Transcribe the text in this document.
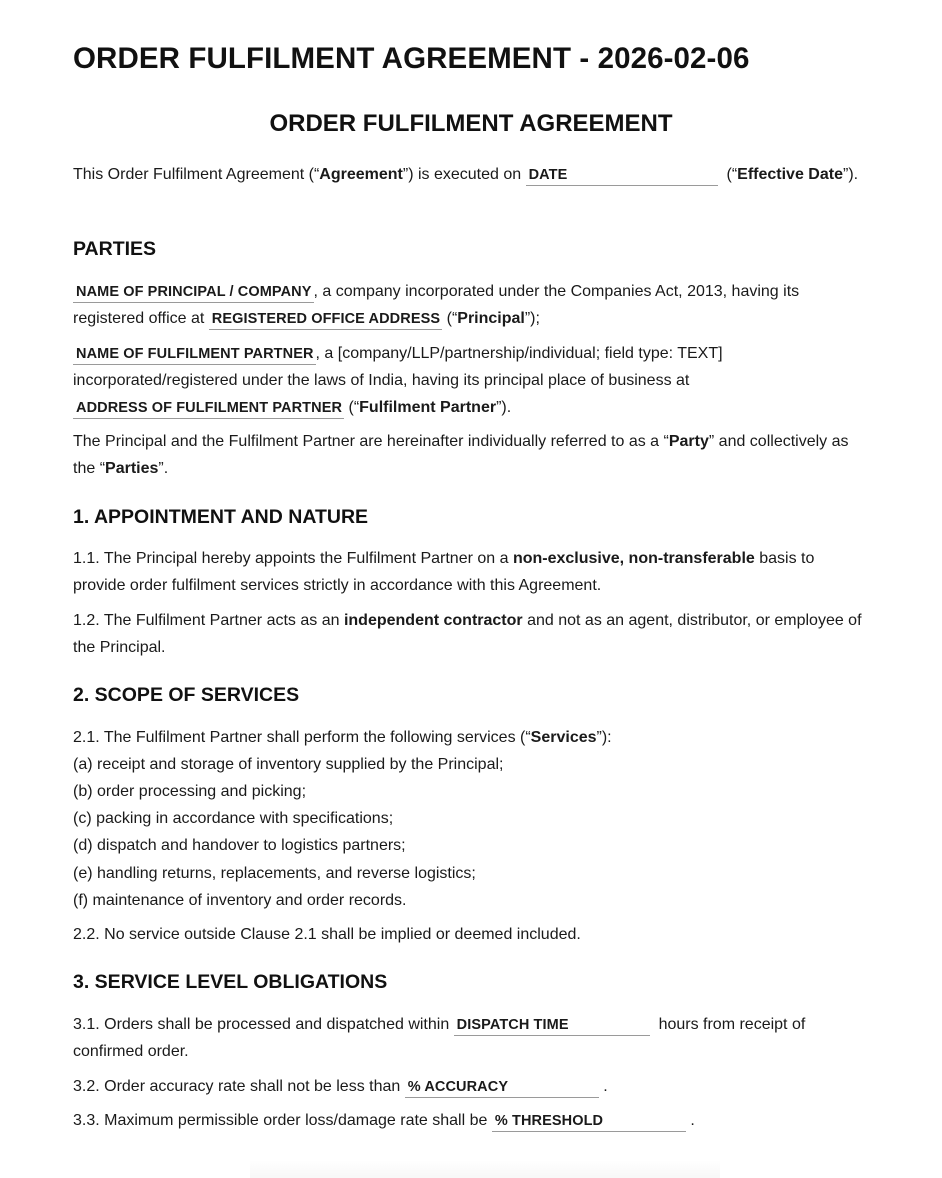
ORDER FULFILMENT AGREEMENT - 2026-02-06
ORDER FULFILMENT AGREEMENT

This Order Fulfilment Agreement (“Agreement”) is executed on DATE	(“Effective Date”).

PARTIES

NAME OF PRINCIPAL / COMPANY , a company incorporated under the Companies Act, 2013, having its registered office at REGISTERED OFFICE ADDRESS (“Principal”);

NAME OF FULFILMENT PARTNER , a [company/LLP/partnership/individual; field type: TEXT] incorporated/registered under the laws of India, having its principal place of business at ADDRESS OF FULFILMENT PARTNER (“Fulfilment Partner”).

The Principal and the Fulfilment Partner are hereinafter individually referred to as a “Party” and collectively as the “Parties”.

1. APPOINTMENT AND NATURE

1.1. The Principal hereby appoints the Fulfilment Partner on a non-exclusive, non-transferable basis to provide order fulfilment services strictly in accordance with this Agreement.

1.2. The Fulfilment Partner acts as an independent contractor and not as an agent, distributor, or employee of the Principal.

2. SCOPE OF SERVICES

2.1. The Fulfilment Partner shall perform the following services (“Services”):

(a) receipt and storage of inventory supplied by the Principal;

(b) order processing and picking;

(c) packing in accordance with specifications;

(d) dispatch and handover to logistics partners;

(e) handling returns, replacements, and reverse logistics;

(f) maintenance of inventory and order records.

2.2. No service outside Clause 2.1 shall be implied or deemed included.

3. SERVICE LEVEL OBLIGATIONS

3.1. Orders shall be processed and dispatched within DISPATCH TIME	hours from receipt of confirmed order.

3.2. Order accuracy rate shall not be less than % ACCURACY	.

3.3. Maximum permissible order loss/damage rate shall be % THRESHOLD	.
